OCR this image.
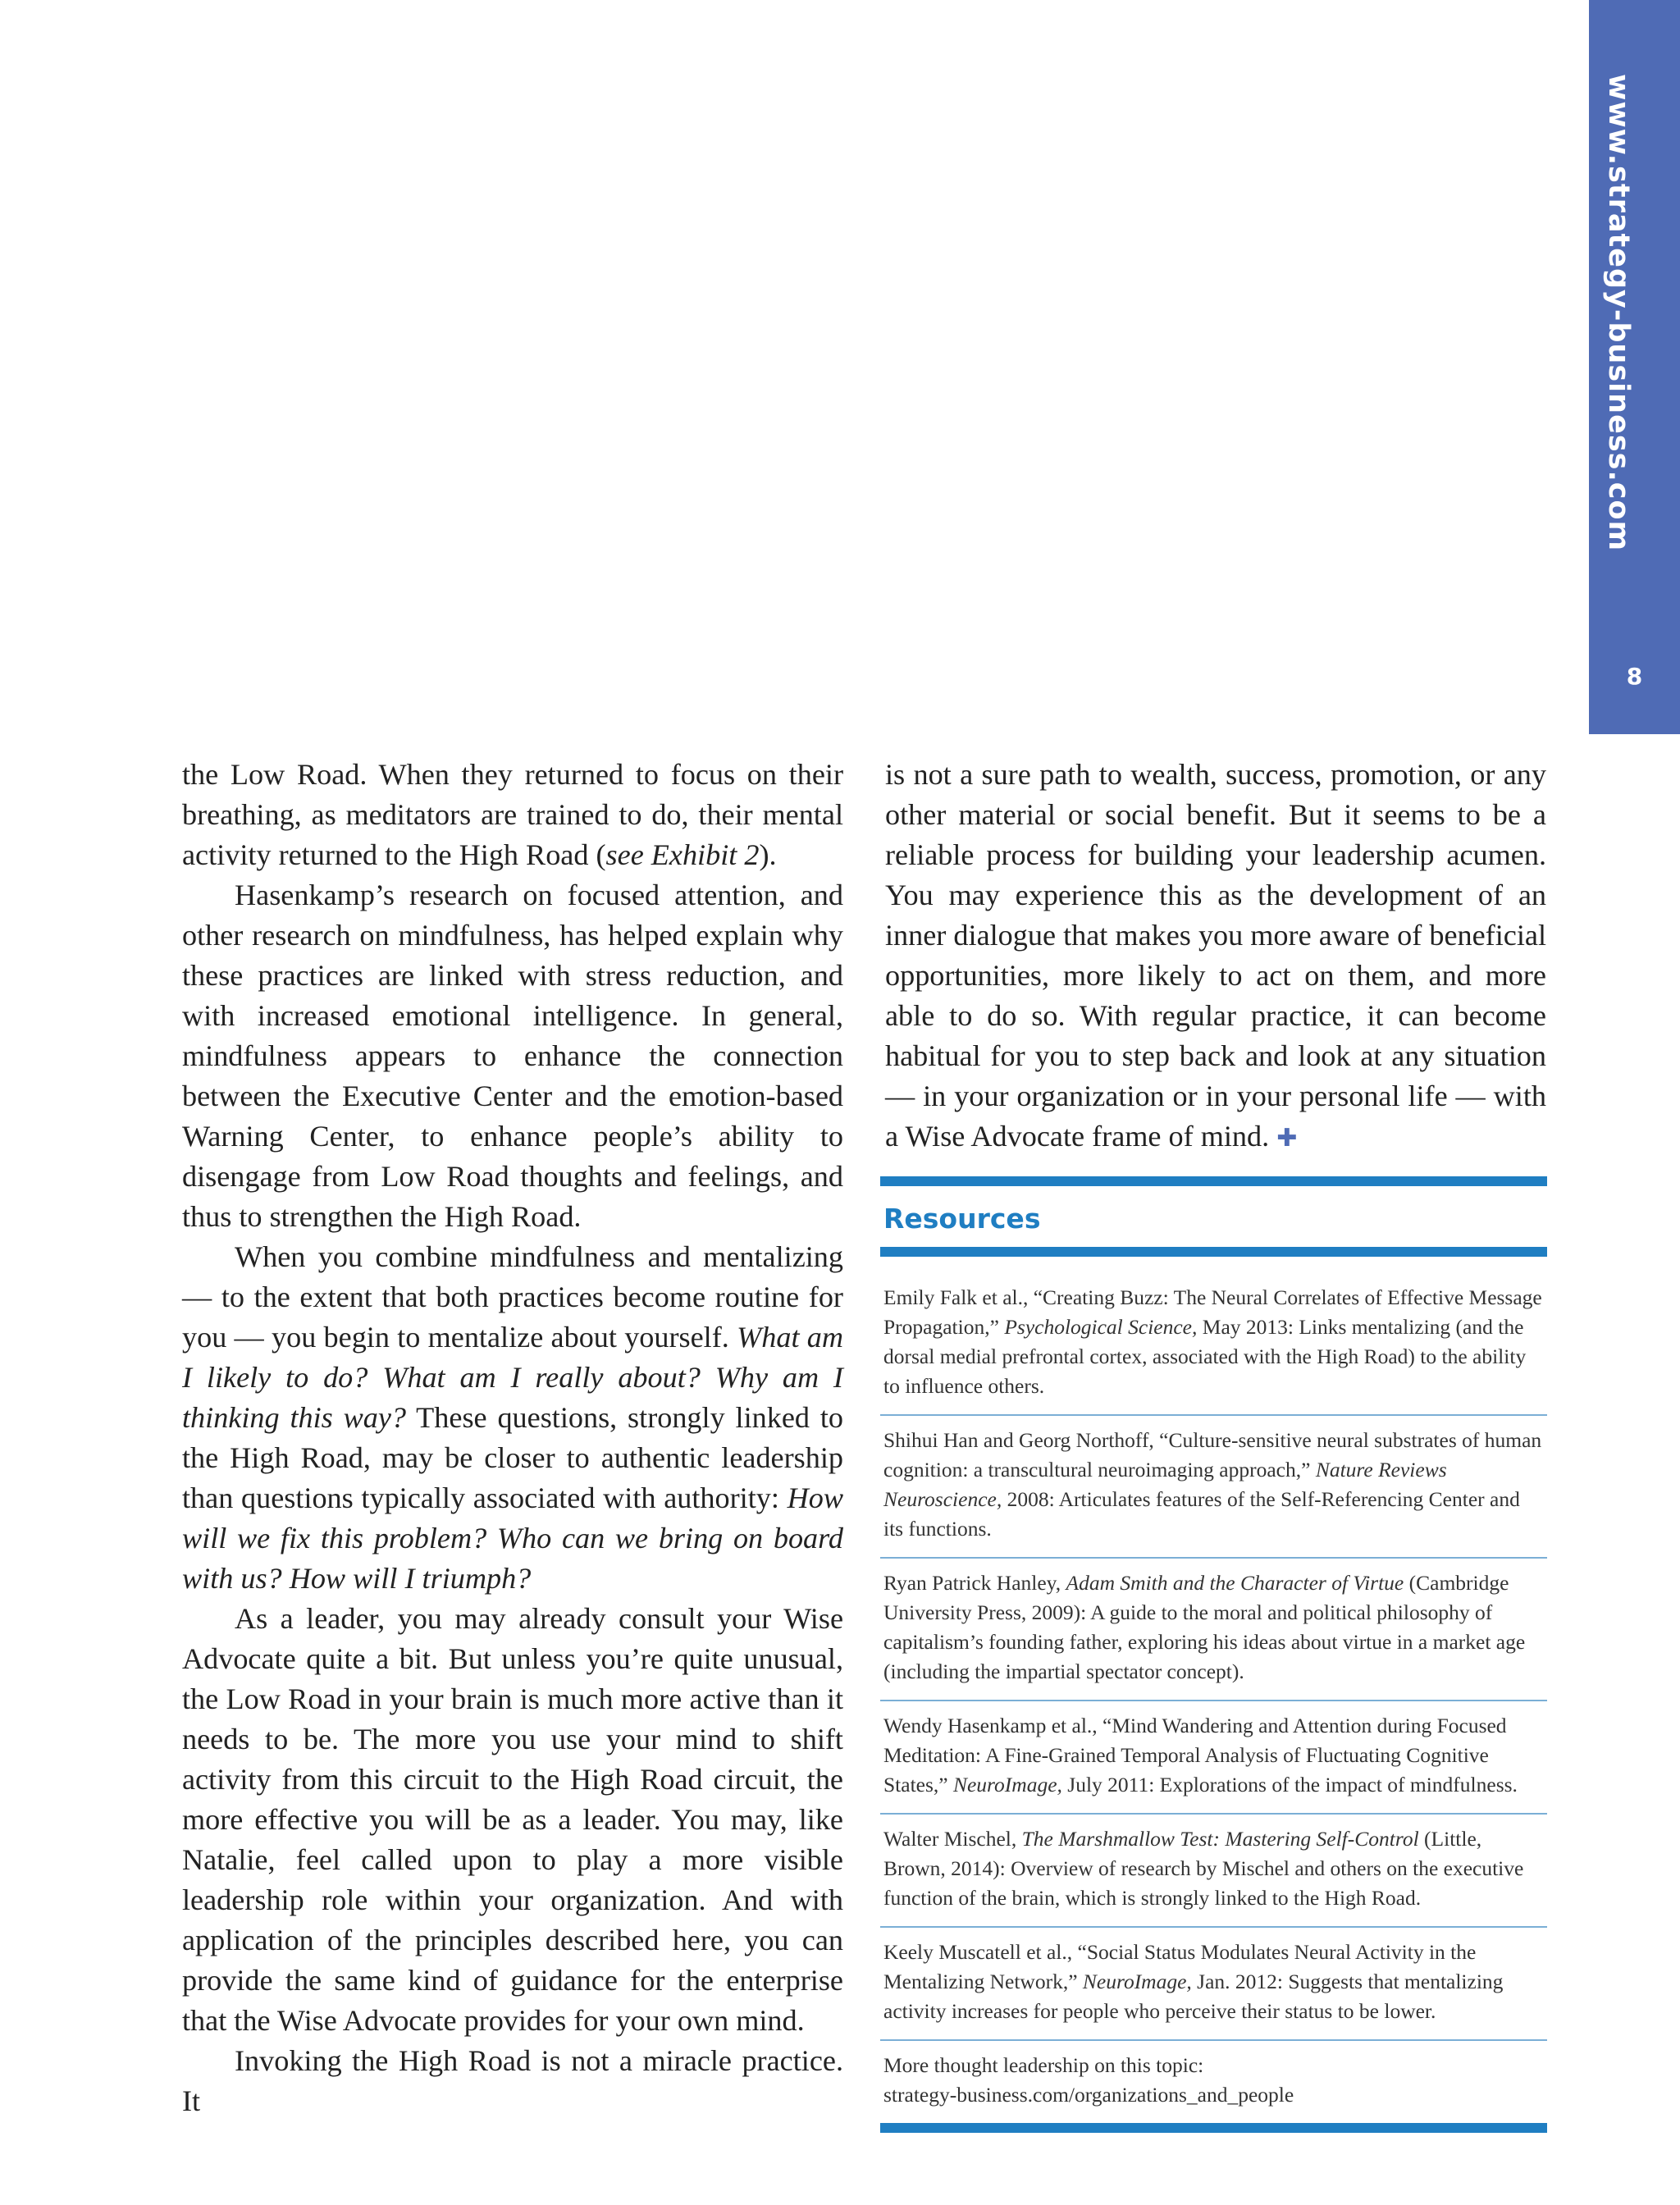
www.strategy-business.com
8

the Low Road. When they returned to focus on their breathing, as meditators are trained to do, their mental activity returned to the High Road (see Exhibit 2).

Hasenkamp’s research on focused attention, and other research on mindfulness, has helped explain why these practices are linked with stress reduction, and with increased emotional intelligence. In general, mindfulness appears to enhance the connection between the Executive Center and the emotion-based Warning Center, to enhance people’s ability to disengage from Low Road thoughts and feelings, and thus to strengthen the High Road.

When you combine mindfulness and mentalizing — to the extent that both practices become routine for you — you begin to mentalize about yourself. What am I likely to do? What am I really about? Why am I thinking this way? These questions, strongly linked to the High Road, may be closer to authentic leadership than questions typically associated with authority: How will we fix this problem? Who can we bring on board with us? How will I triumph?

As a leader, you may already consult your Wise Advocate quite a bit. But unless you’re quite unusual, the Low Road in your brain is much more active than it needs to be. The more you use your mind to shift activity from this circuit to the High Road circuit, the more effective you will be as a leader. You may, like Natalie, feel called upon to play a more visible leadership role within your organization. And with application of the principles described here, you can provide the same kind of guidance for the enterprise that the Wise Advocate provides for your own mind.

Invoking the High Road is not a miracle practice. It

is not a sure path to wealth, success, promotion, or any other material or social benefit. But it seems to be a reliable process for building your leadership acumen. You may experience this as the development of an inner dialogue that makes you more aware of beneficial opportunities, more likely to act on them, and more able to do so. With regular practice, it can become habitual for you to step back and look at any situation — in your organization or in your personal life — with a Wise Advocate frame of mind. ✚

Resources
Emily Falk et al., “Creating Buzz: The Neural Correlates of Effective Message Propagation,” Psychological Science, May 2013: Links mentalizing (and the dorsal medial prefrontal cortex, associated with the High Road) to the ability to influence others.
Shihui Han and Georg Northoff, “Culture-sensitive neural substrates of human cognition: a transcultural neuroimaging approach,” Nature Reviews Neuroscience, 2008: Articulates features of the Self-Referencing Center and its functions.
Ryan Patrick Hanley, Adam Smith and the Character of Virtue (Cambridge University Press, 2009): A guide to the moral and political philosophy of capitalism’s founding father, exploring his ideas about virtue in a market age (including the impartial spectator concept).
Wendy Hasenkamp et al., “Mind Wandering and Attention during Focused Meditation: A Fine-Grained Temporal Analysis of Fluctuating Cognitive States,” NeuroImage, July 2011: Explorations of the impact of mindfulness.
Walter Mischel, The Marshmallow Test: Mastering Self-Control (Little, Brown, 2014): Overview of research by Mischel and others on the executive function of the brain, which is strongly linked to the High Road.
Keely Muscatell et al., “Social Status Modulates Neural Activity in the Mentalizing Network,” NeuroImage, Jan. 2012: Suggests that mentalizing activity increases for people who perceive their status to be lower.
More thought leadership on this topic:
strategy-business.com/organizations_and_people
